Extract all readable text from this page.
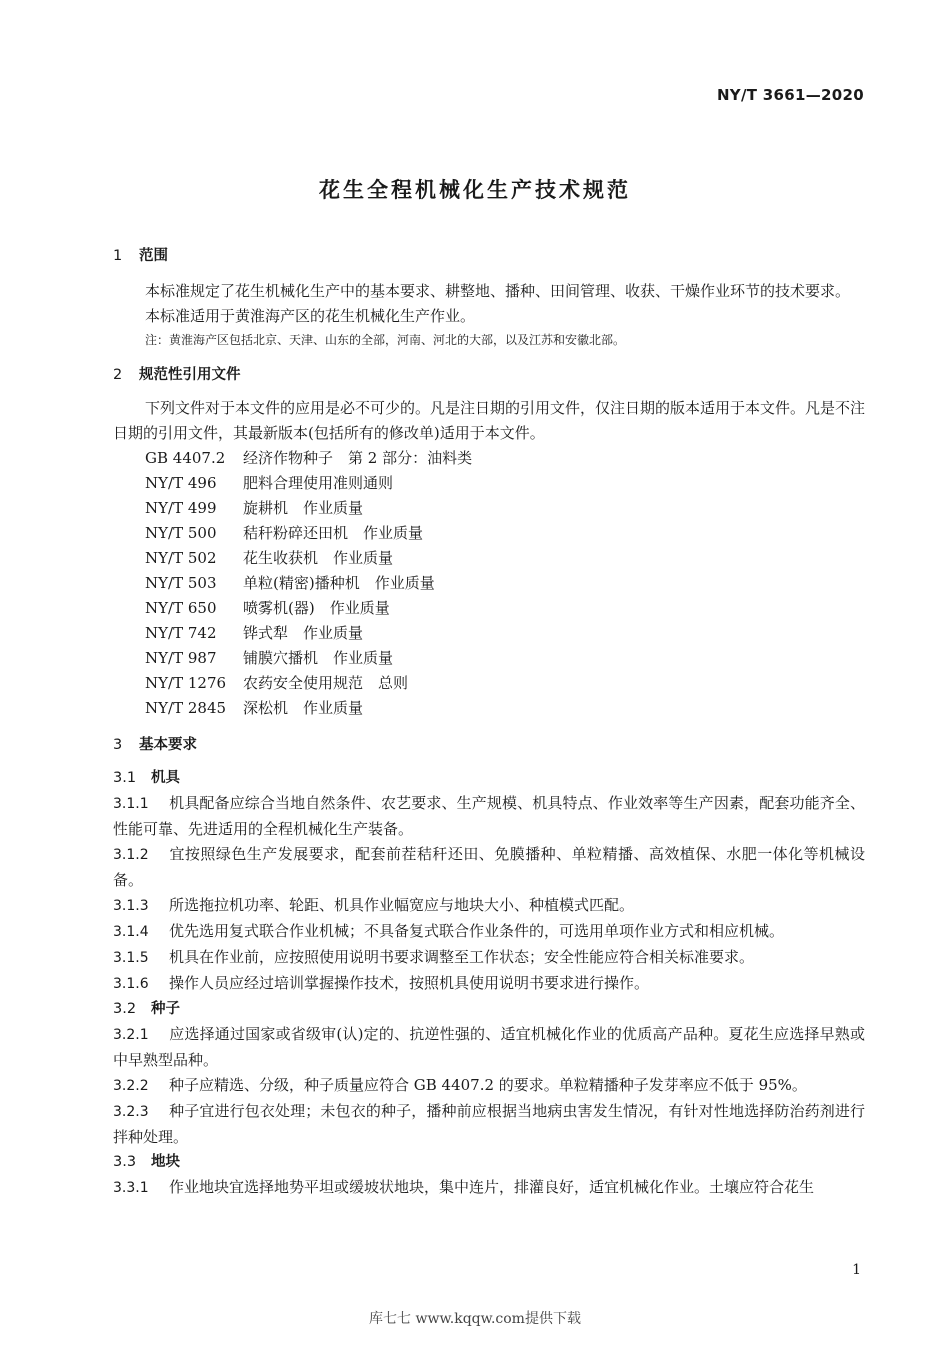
NY/T 3661—2020
花生全程机械化生产技术规范
1 范围
本标准规定了花生机械化生产中的基本要求、耕整地、播种、田间管理、收获、干燥作业环节的技术要求。
本标准适用于黄淮海产区的花生机械化生产作业。
注：黄淮海产区包括北京、天津、山东的全部，河南、河北的大部，以及江苏和安徽北部。
2 规范性引用文件
下列文件对于本文件的应用是必不可少的。凡是注日期的引用文件，仅注日期的版本适用于本文件。凡是不注日期的引用文件，其最新版本(包括所有的修改单)适用于本文件。
GB 4407.2 经济作物种子　第 2 部分：油料类
NY/T 496 肥料合理使用准则通则
NY/T 499 旋耕机　作业质量
NY/T 500 秸秆粉碎还田机　作业质量
NY/T 502 花生收获机　作业质量
NY/T 503 单粒(精密)播种机　作业质量
NY/T 650 喷雾机(器)　作业质量
NY/T 742 铧式犁　作业质量
NY/T 987 铺膜穴播机　作业质量
NY/T 1276 农药安全使用规范　总则
NY/T 2845 深松机　作业质量
3 基本要求
3.1 机具
3.1.1 机具配备应综合当地自然条件、农艺要求、生产规模、机具特点、作业效率等生产因素，配套功能齐全、性能可靠、先进适用的全程机械化生产装备。
3.1.2 宜按照绿色生产发展要求，配套前茬秸秆还田、免膜播种、单粒精播、高效植保、水肥一体化等机械设备。
3.1.3 所选拖拉机功率、轮距、机具作业幅宽应与地块大小、种植模式匹配。
3.1.4 优先选用复式联合作业机械；不具备复式联合作业条件的，可选用单项作业方式和相应机械。
3.1.5 机具在作业前，应按照使用说明书要求调整至工作状态；安全性能应符合相关标准要求。
3.1.6 操作人员应经过培训掌握操作技术，按照机具使用说明书要求进行操作。
3.2 种子
3.2.1 应选择通过国家或省级审(认)定的、抗逆性强的、适宜机械化作业的优质高产品种。夏花生应选择早熟或中早熟型品种。
3.2.2 种子应精选、分级，种子质量应符合 GB 4407.2 的要求。单粒精播种子发芽率应不低于 95%。
3.2.3 种子宜进行包衣处理；未包衣的种子，播种前应根据当地病虫害发生情况，有针对性地选择防治药剂进行拌种处理。
3.3 地块
3.3.1 作业地块宜选择地势平坦或缓坡状地块，集中连片，排灌良好，适宜机械化作业。土壤应符合花生
1
库七七 www.kqqw.com提供下载
